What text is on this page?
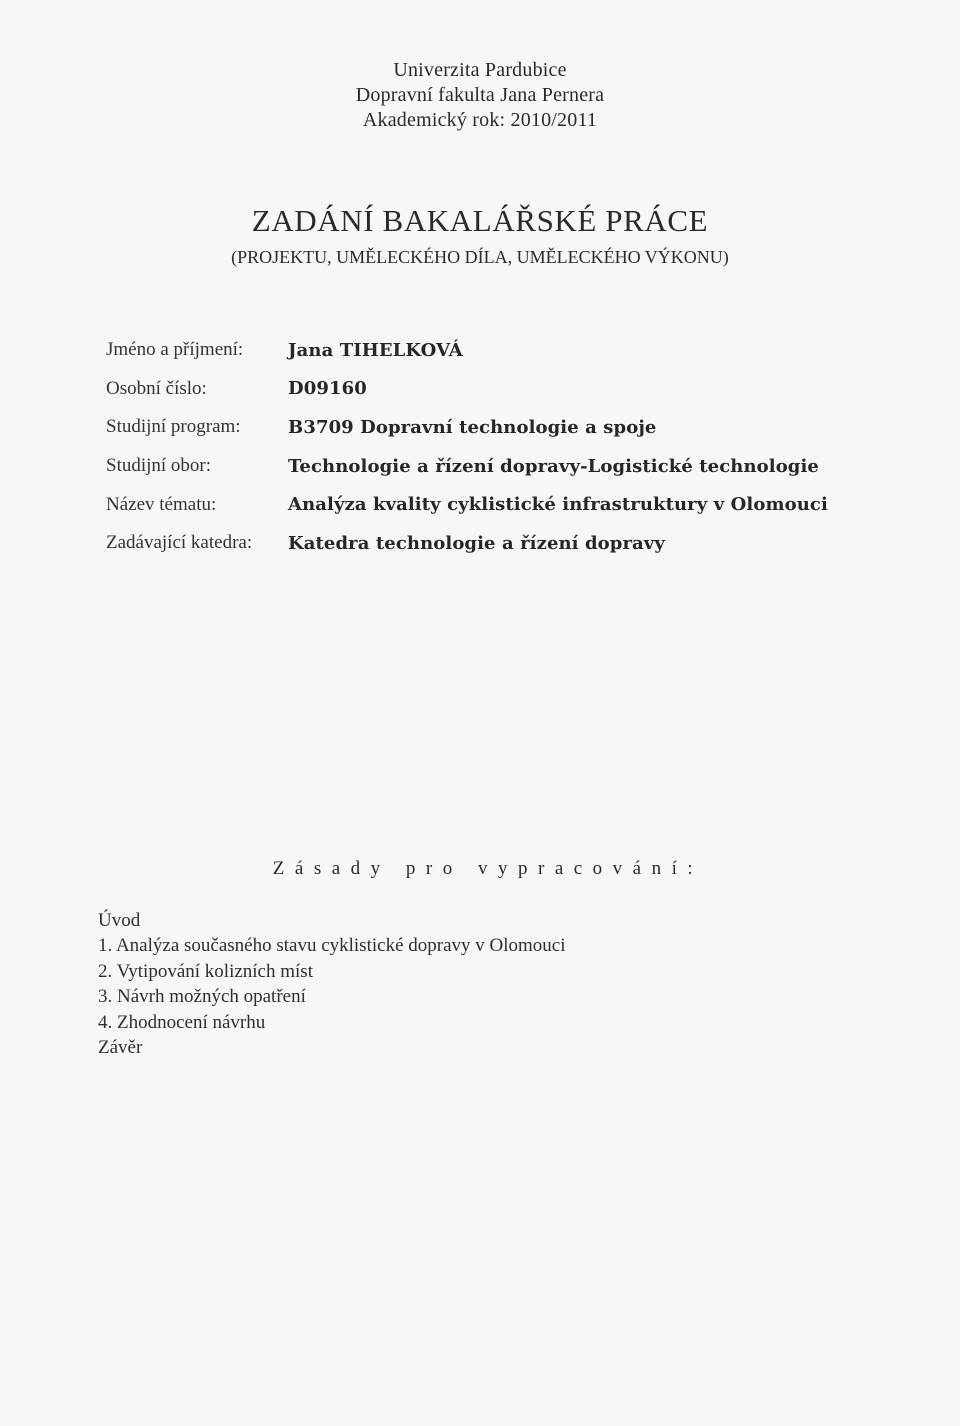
Univerzita Pardubice
Dopravní fakulta Jana Pernera
Akademický rok: 2010/2011
ZADÁNÍ BAKALÁŘSKÉ PRÁCE
(PROJEKTU, UMĚLECKÉHO DÍLA, UMĚLECKÉHO VÝKONU)
Jméno a příjmení:	Jana TIHELKOVÁ
Osobní číslo:	D09160
Studijní program:	B3709 Dopravní technologie a spoje
Studijní obor:	Technologie a řízení dopravy-Logistické technologie
Název tématu:	Analýza kvality cyklistické infrastruktury v Olomouci
Zadávající katedra:	Katedra technologie a řízení dopravy
Zásady pro vypracování:
Úvod
1. Analýza současného stavu cyklistické dopravy v Olomouci
2. Vytipování kolizních míst
3. Návrh možných opatření
4. Zhodnocení návrhu
Závěr
